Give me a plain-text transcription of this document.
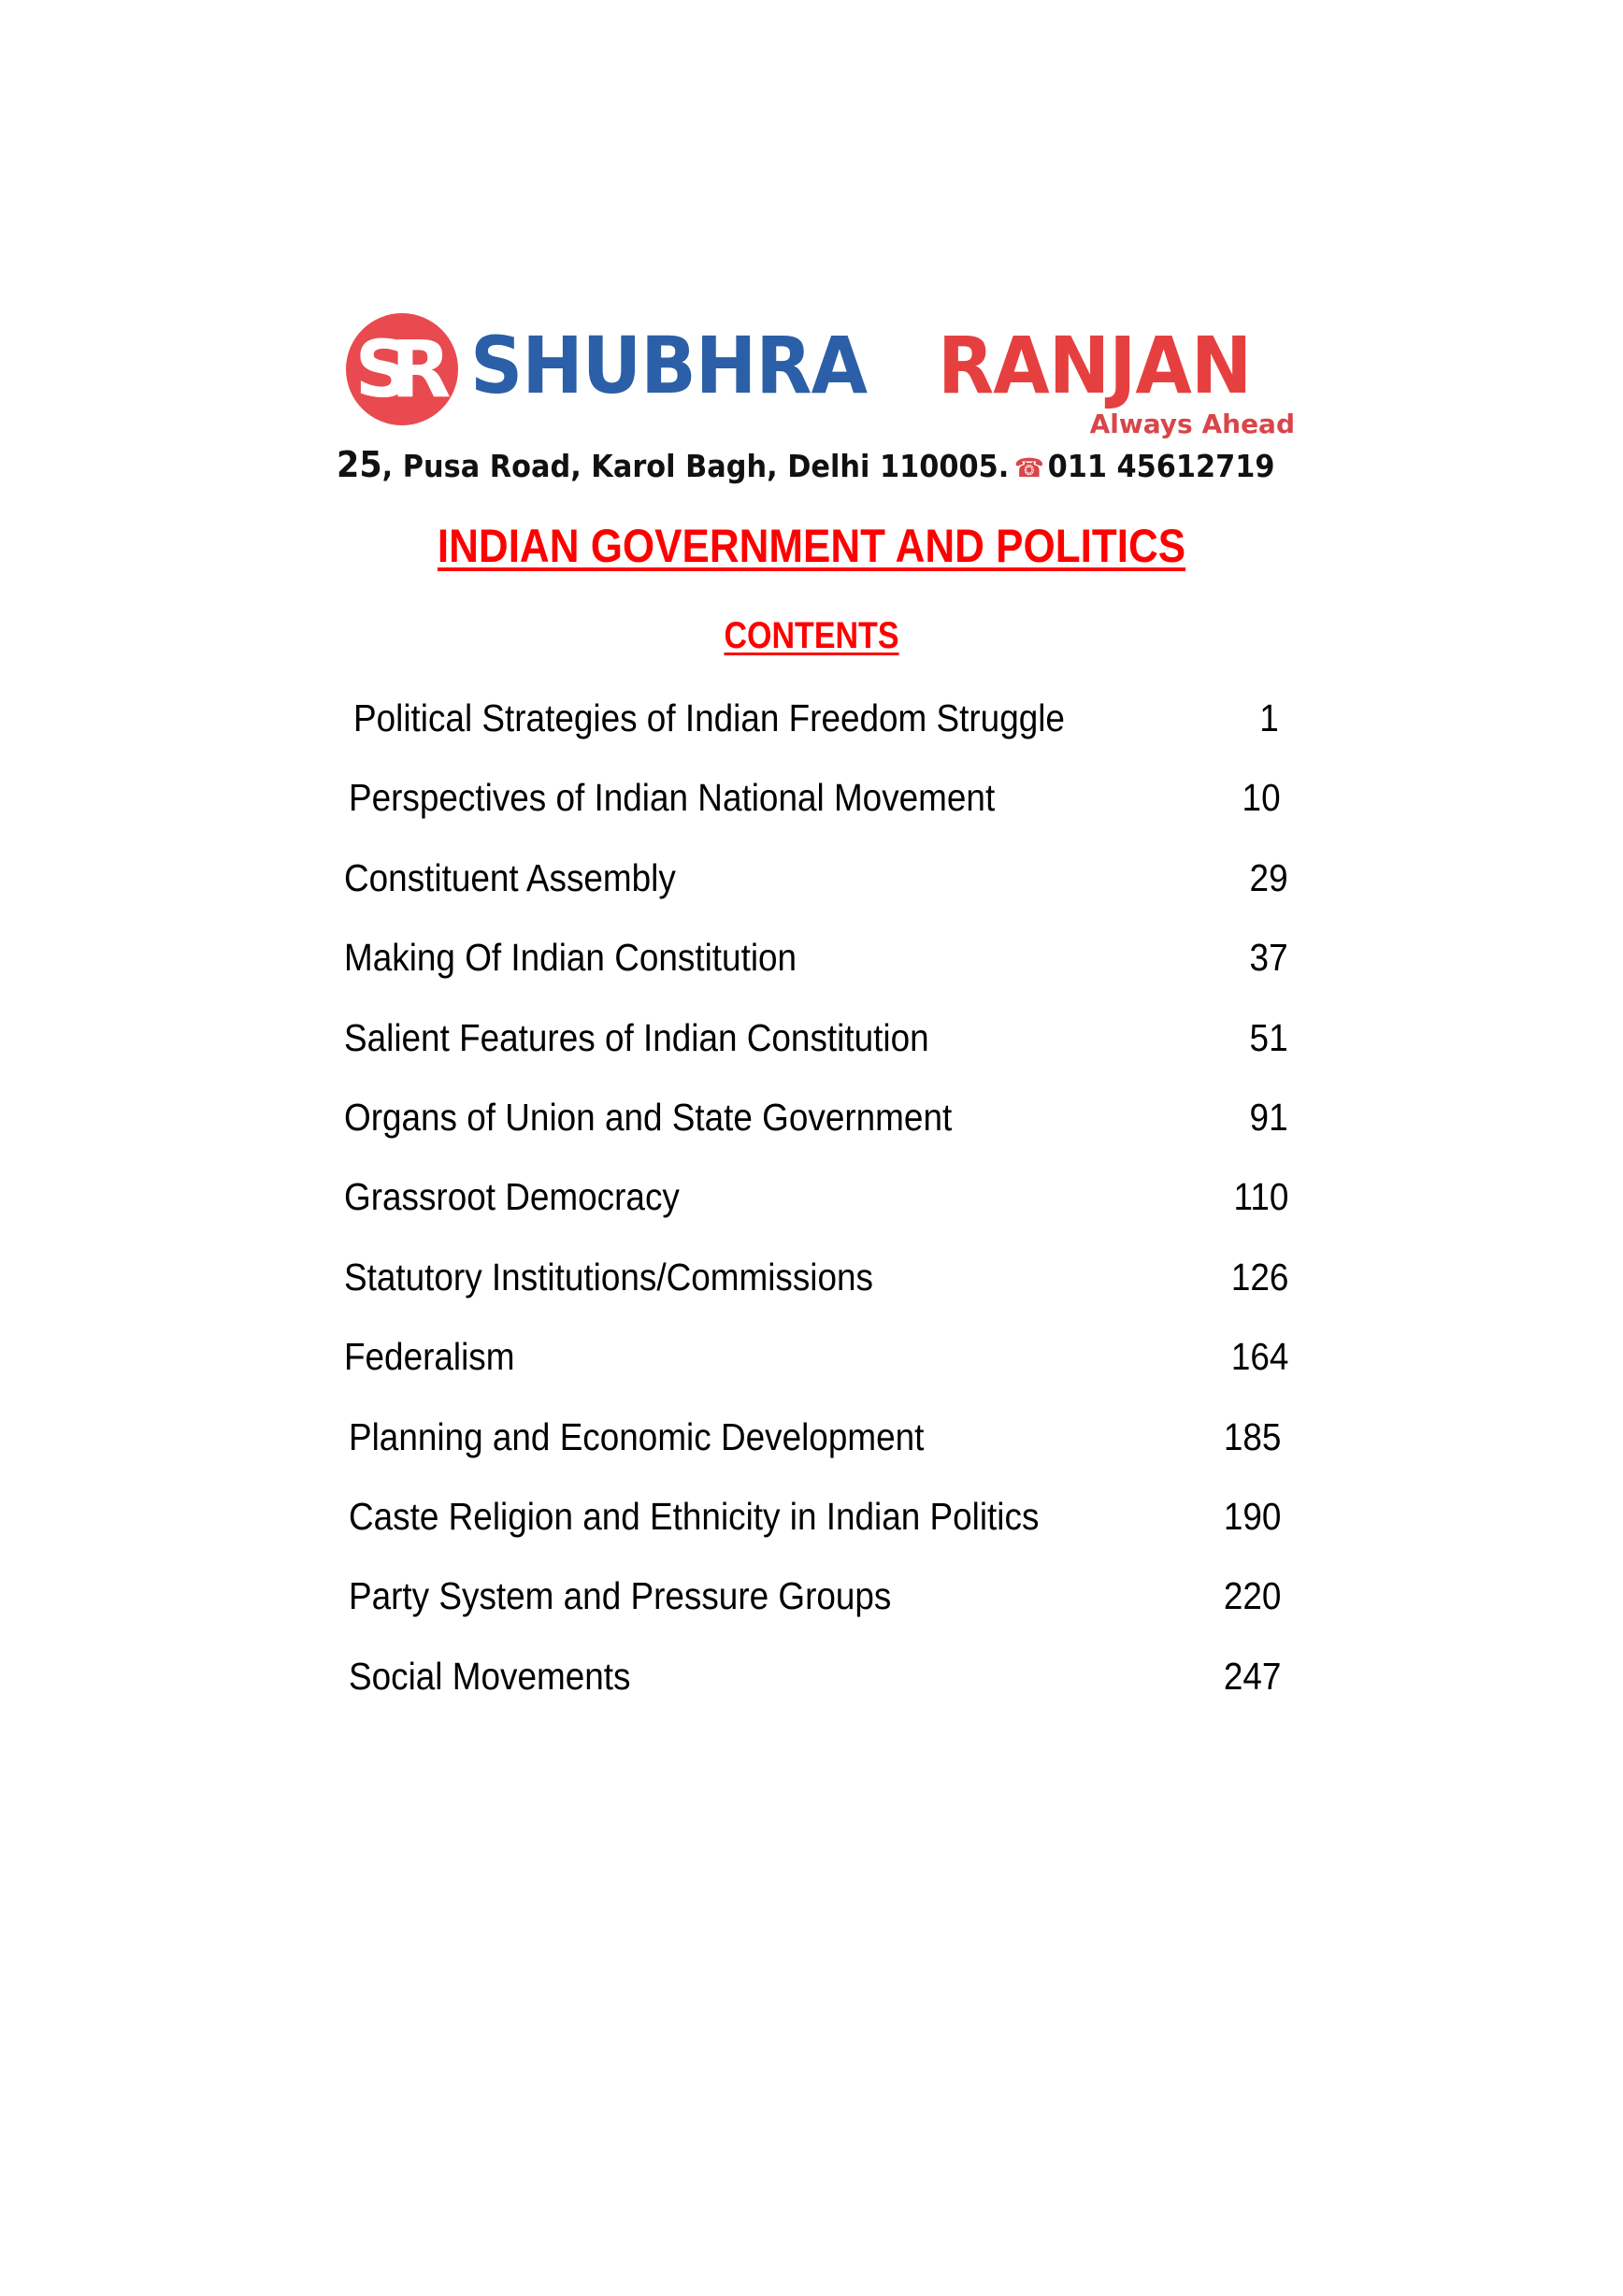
SR SHUBHRA RANJAN
Always Ahead
25, Pusa Road, Karol Bagh, Delhi 110005. ☎ 011 45612719
INDIAN GOVERNMENT AND POLITICS
CONTENTS
Political Strategies of Indian Freedom Struggle	1
Perspectives of Indian National Movement	10
Constituent Assembly	29
Making Of Indian Constitution	37
Salient Features of Indian Constitution	51
Organs of Union and State Government	91
Grassroot Democracy	110
Statutory Institutions/Commissions	126
Federalism	164
Planning and Economic Development	185
Caste Religion and Ethnicity in Indian Politics	190
Party System and Pressure Groups	220
Social Movements	247
